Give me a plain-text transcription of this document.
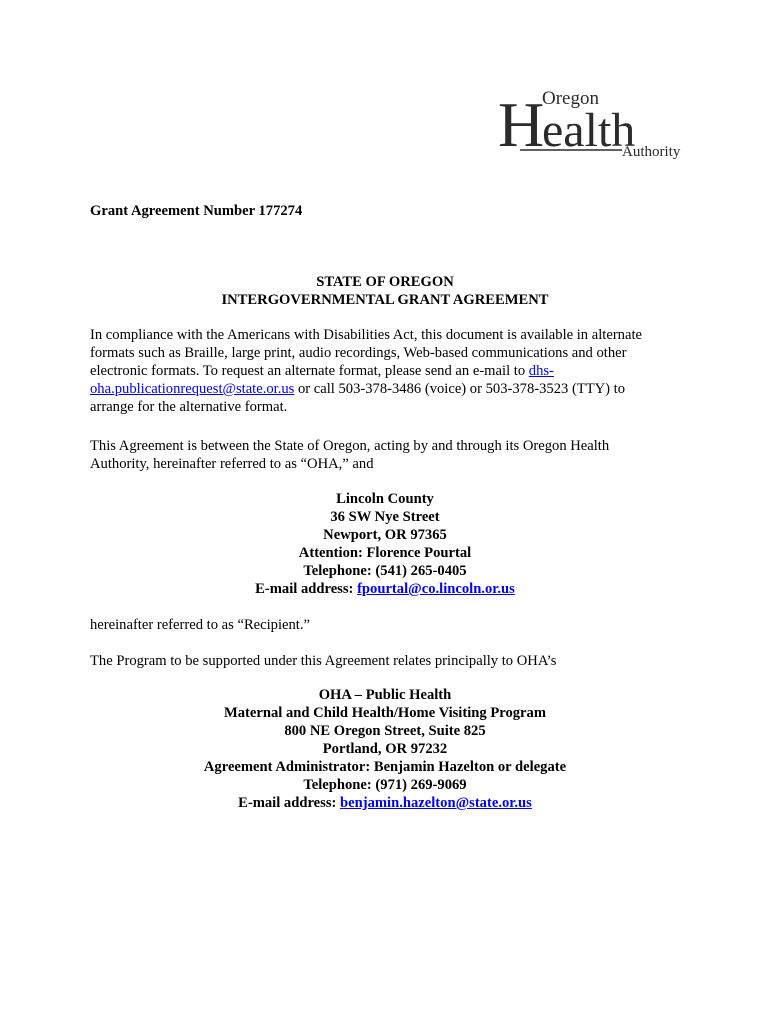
H
Oregon
ealth
Authority
Grant Agreement Number 177274
STATE OF OREGON
INTERGOVERNMENTAL GRANT AGREEMENT
In compliance with the Americans with Disabilities Act, this document is available in alternate
formats such as Braille, large print, audio recordings, Web-based communications and other
electronic formats. To request an alternate format, please send an e-mail to dhs-
oha.publicationrequest@state.or.us or call 503-378-3486 (voice) or 503-378-3523 (TTY) to
arrange for the alternative format.
This Agreement is between the State of Oregon, acting by and through its Oregon Health
Authority, hereinafter referred to as “OHA,” and
Lincoln County
36 SW Nye Street
Newport, OR 97365
Attention: Florence Pourtal
Telephone: (541) 265-0405
E-mail address: fpourtal@co.lincoln.or.us
hereinafter referred to as “Recipient.”
The Program to be supported under this Agreement relates principally to OHA’s
OHA – Public Health
Maternal and Child Health/Home Visiting Program
800 NE Oregon Street, Suite 825
Portland, OR 97232
Agreement Administrator: Benjamin Hazelton or delegate
Telephone: (971) 269-9069
E-mail address: benjamin.hazelton@state.or.us
